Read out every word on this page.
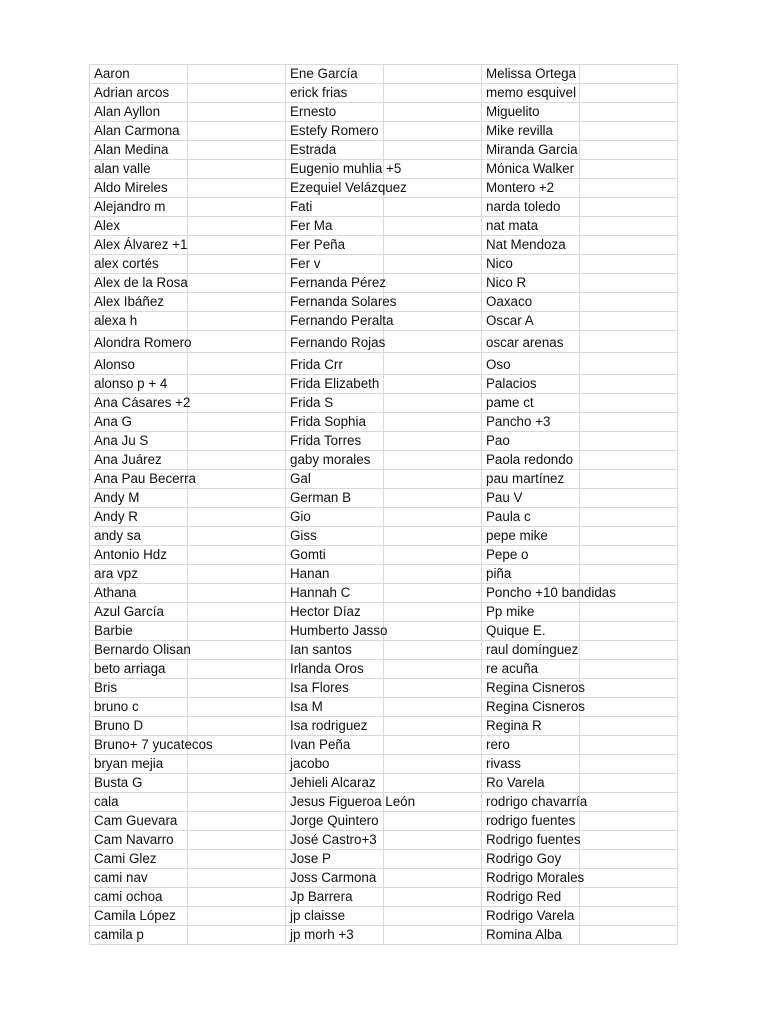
Aaron		Ene García		Melissa Ortega	
Adrian arcos		erick frias		memo esquivel	
Alan Ayllon		Ernesto		Miguelito	
Alan Carmona		Estefy Romero		Mike revilla	
Alan Medina		Estrada		Miranda Garcia	
alan valle		Eugenio muhlia +5		Mónica Walker	
Aldo Mireles		Ezequiel Velázquez		Montero +2	
Alejandro m		Fati		narda toledo	
Alex		Fer Ma		nat mata	
Alex Álvarez +1		Fer Peña		Nat Mendoza	
alex cortés		Fer v		Nico	
Alex de la Rosa		Fernanda Pérez		Nico R	
Alex Ibáñez		Fernanda Solares		Oaxaco	
alexa h		Fernando Peralta		Oscar A	
Alondra Romero		Fernando Rojas		oscar arenas	
Alonso		Frida Crr		Oso	
alonso p + 4		Frida Elizabeth		Palacios	
Ana Cásares +2		Frida S		pame ct	
Ana G		Frida Sophia		Pancho +3	
Ana Ju S		Frida Torres		Pao	
Ana Juárez		gaby morales		Paola redondo	
Ana Pau Becerra		Gal		pau martínez	
Andy M		German B		Pau V	
Andy R		Gio		Paula c	
andy sa		Giss		pepe mike	
Antonio Hdz		Gomti		Pepe o	
ara vpz		Hanan		piña	
Athana		Hannah C		Poncho +10 bandidas	
Azul García		Hector Díaz		Pp mike	
Barbie		Humberto Jasso		Quique E.	
Bernardo Olisan		Ian santos		raul domínguez	
beto arriaga		Irlanda Oros		re acuña	
Bris		Isa Flores		Regina Cisneros	
bruno c		Isa M		Regina Cisneros	
Bruno D		Isa rodriguez		Regina R	
Bruno+ 7 yucatecos		Ivan Peña		rero	
bryan mejia		jacobo		rivass	
Busta G		Jehieli Alcaraz		Ro Varela	
cala		Jesus Figueroa León		rodrigo chavarría	
Cam Guevara		Jorge Quintero		rodrigo fuentes	
Cam Navarro		José Castro+3		Rodrigo fuentes	
Cami Glez		Jose P		Rodrigo Goy	
cami nav		Joss Carmona		Rodrigo Morales	
cami ochoa		Jp Barrera		Rodrigo Red	
Camila López		jp claisse		Rodrigo Varela	
camila p		jp morh +3		Romina Alba	
